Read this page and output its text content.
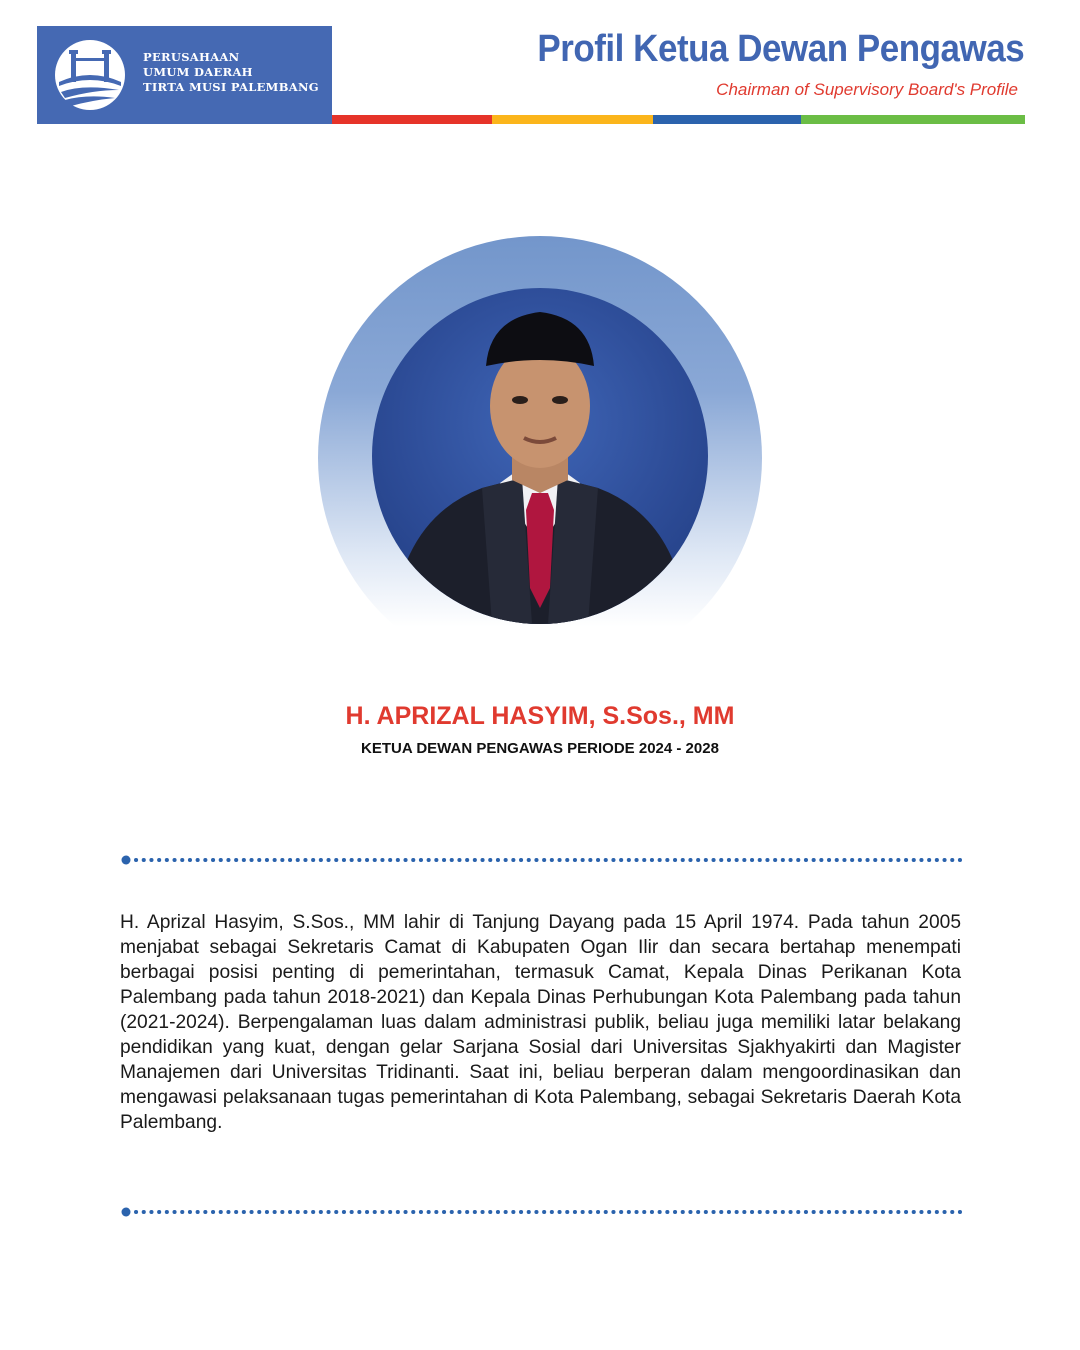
PERUSAHAAN
UMUM DAERAH
TIRTA MUSI PALEMBANG
Profil Ketua Dewan Pengawas
Chairman of Supervisory Board's Profile
H. APRIZAL HASYIM, S.Sos., MM
KETUA DEWAN PENGAWAS PERIODE 2024 - 2028
H. Aprizal Hasyim, S.Sos., MM lahir di Tanjung Dayang pada 15 April 1974. Pada tahun 2005 menjabat sebagai Sekretaris Camat di Kabupaten Ogan Ilir dan secara bertahap menempati berbagai posisi penting di pemerintahan, termasuk Camat, Kepala Dinas Perikanan Kota Palembang pada tahun 2018-2021) dan Kepala Dinas Perhubungan Kota Palembang pada tahun (2021-2024). Berpengalaman luas dalam administrasi publik, beliau juga memiliki latar belakang pendidikan yang kuat, dengan gelar Sarjana Sosial dari Universitas Sjakhyakirti dan Magister Manajemen dari Universitas Tridinanti. Saat ini, beliau berperan dalam mengoordinasikan dan mengawasi pelaksanaan tugas pemerintahan di Kota Palembang, sebagai Sekretaris Daerah Kota Palembang.
